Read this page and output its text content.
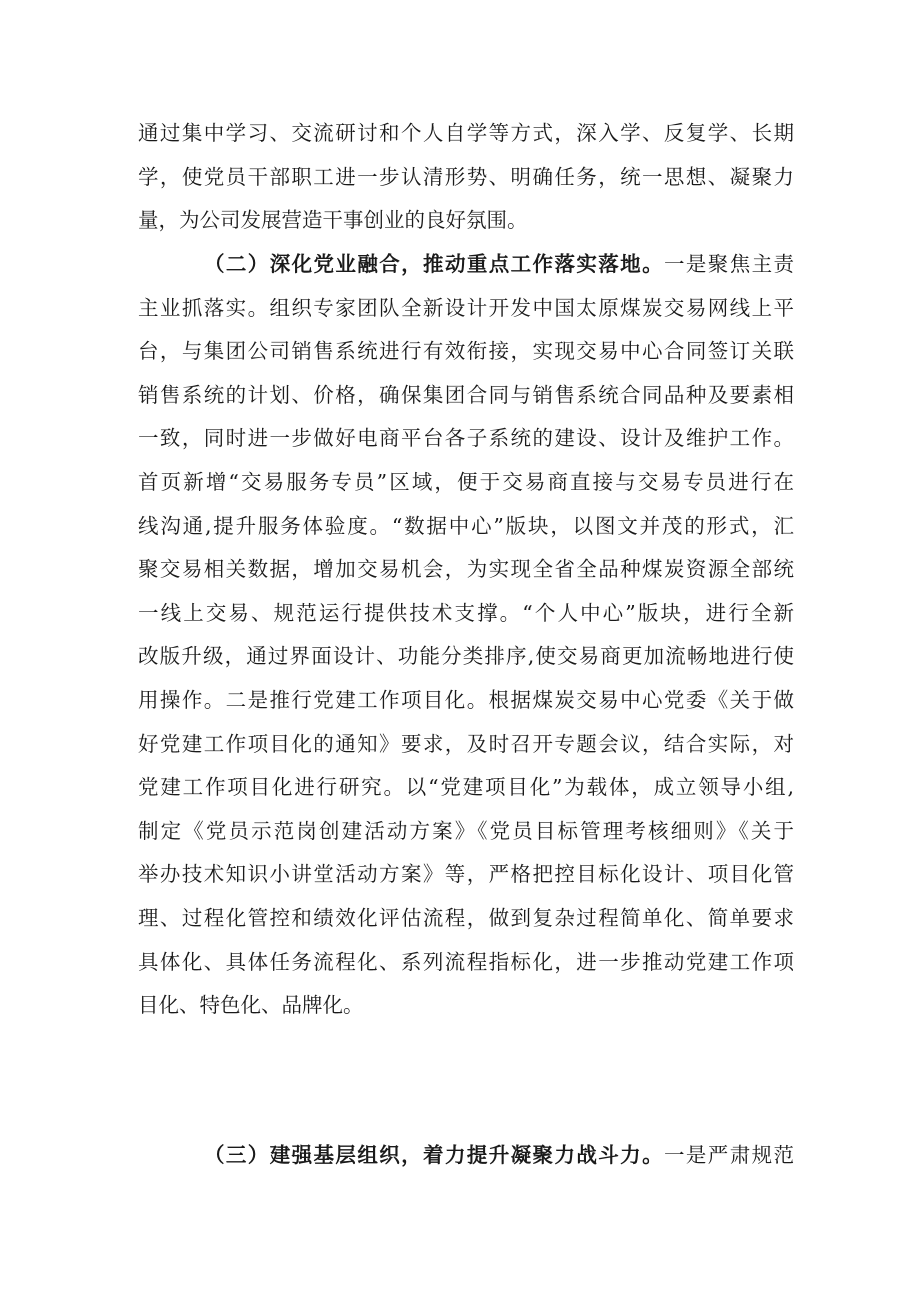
通过集中学习、交流研讨和个人自学等方式，深入学、反复学、长期
学，使党员干部职工进一步认清形势、明确任务，统一思想、凝聚力
量，为公司发展营造干事创业的良好氛围。
（二）深化党业融合，推动重点工作落实落地。一是聚焦主责
主业抓落实。组织专家团队全新设计开发中国太原煤炭交易网线上平
台，与集团公司销售系统进行有效衔接，实现交易中心合同签订关联
销售系统的计划、价格，确保集团合同与销售系统合同品种及要素相
一致，同时进一步做好电商平台各子系统的建设、设计及维护工作。
首页新增“交易服务专员”区域，便于交易商直接与交易专员进行在
线沟通,提升服务体验度。“数据中心”版块，以图文并茂的形式，汇
聚交易相关数据，增加交易机会，为实现全省全品种煤炭资源全部统
一线上交易、规范运行提供技术支撑。“个人中心”版块，进行全新
改版升级，通过界面设计、功能分类排序,使交易商更加流畅地进行使
用操作。二是推行党建工作项目化。根据煤炭交易中心党委《关于做
好党建工作项目化的通知》要求，及时召开专题会议，结合实际，对
党建工作项目化进行研究。以“党建项目化”为载体，成立领导小组,
制定《党员示范岗创建活动方案》《党员目标管理考核细则》《关于
举办技术知识小讲堂活动方案》等，严格把控目标化设计、项目化管
理、过程化管控和绩效化评估流程，做到复杂过程简单化、简单要求
具体化、具体任务流程化、系列流程指标化，进一步推动党建工作项
目化、特色化、品牌化。
（三）建强基层组织，着力提升凝聚力战斗力。一是严肃规范
